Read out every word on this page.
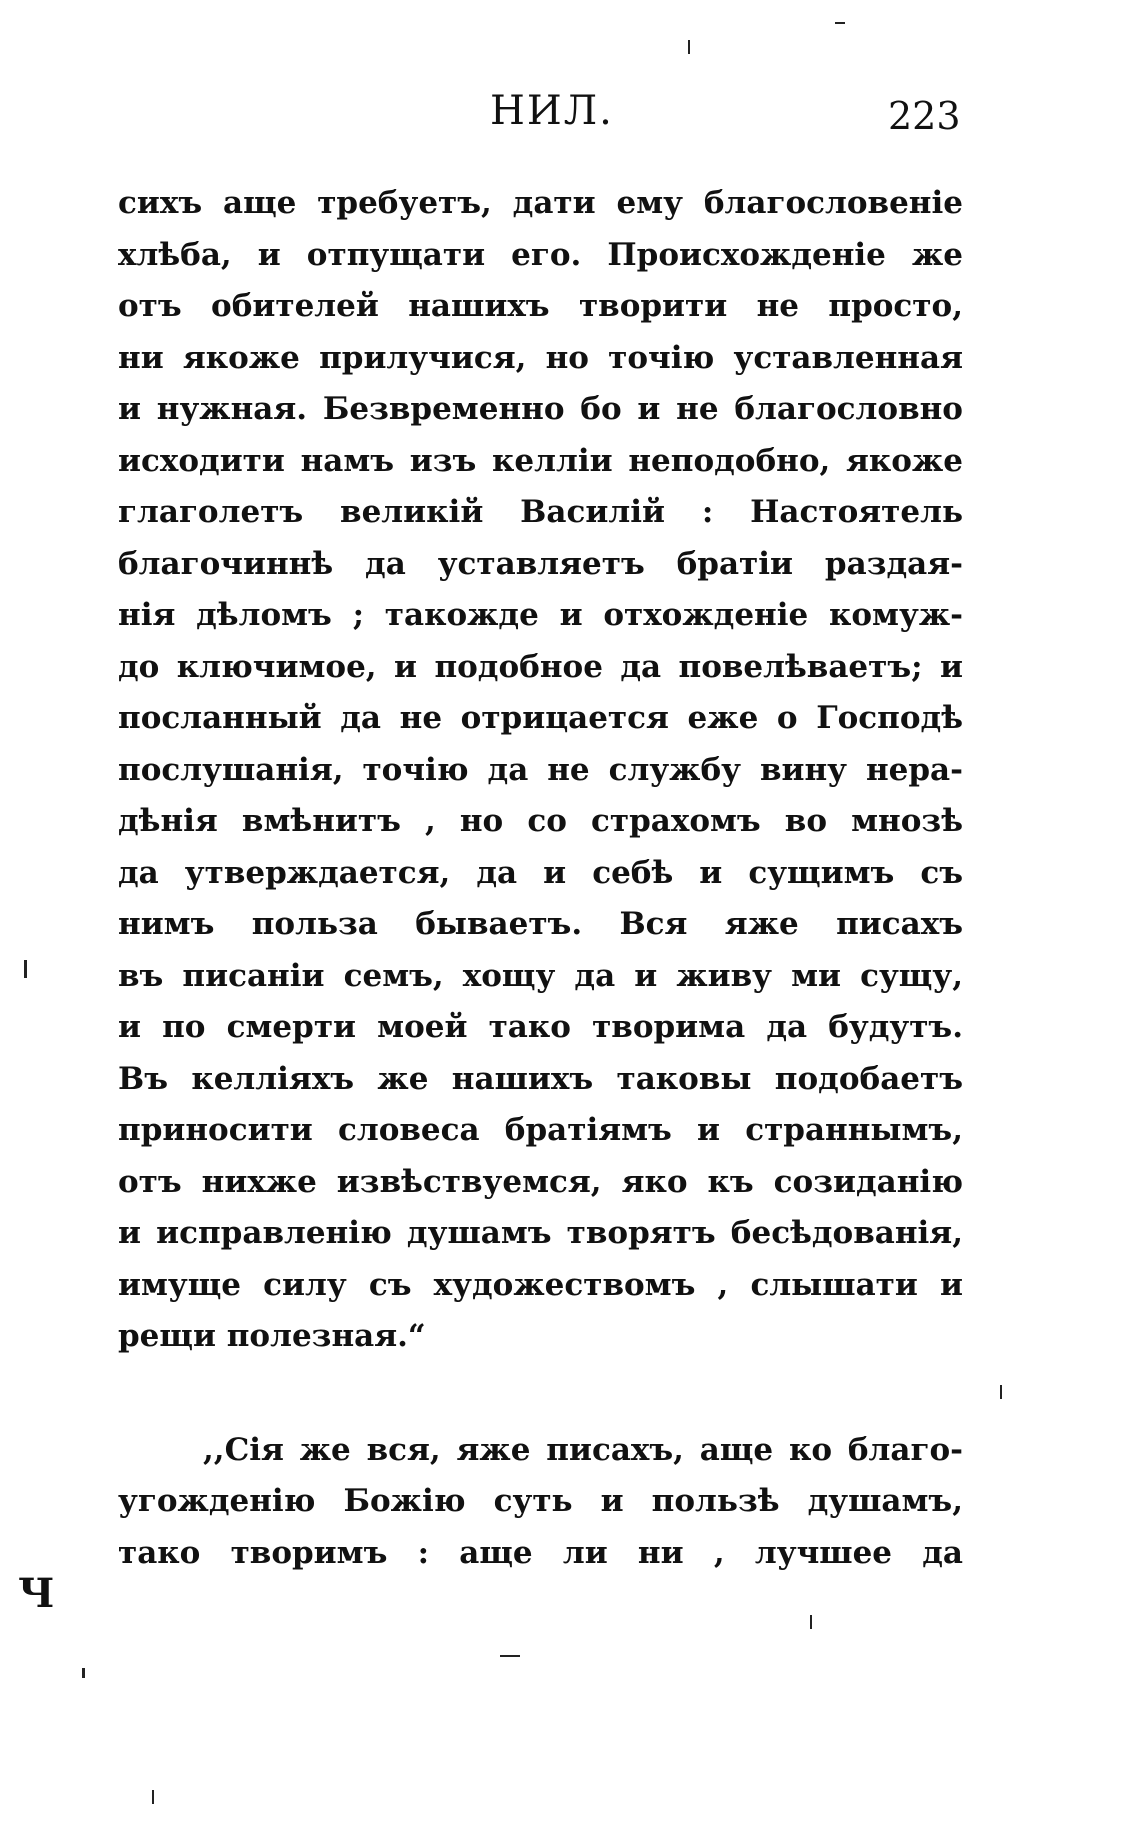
НИЛ.	223
сихъ аще требуетъ, дати ему благословеніе
хлѣба, и отпущати его. Происхожденіе же
отъ обителей нашихъ творити не просто,
ни якоже прилучися, но точію уставленная
и нужная. Безвременно бо и не благословно
исходити намъ изъ келліи неподобно, якоже
глаголетъ великій Василій : Настоятель
благочиннѣ да уставляетъ братіи раздая-
нія дѣломъ ; такожде и отхожденіе комуж-
до ключимое, и подобное да повелѣваетъ; и
посланный да не отрицается еже о Господѣ
послушанія, точію да не службу вину нера-
дѣнія вмѣнитъ , но со страхомъ во мнозѣ
да утверждается, да и себѣ и сущимъ съ
нимъ польза бываетъ. Вся яже писахъ
въ писаніи семъ, хощу да и живу ми сущу,
и по смерти моей тако творима да будутъ.
Въ келліяхъ же нашихъ таковы подобаетъ
приносити словеса братіямъ и страннымъ,
отъ нихже извѣствуемся, яко къ созиданію
и исправленію душамъ творятъ бесѣдованія,
имуще силу съ художествомъ , слышати и
рещи полезная.“
,,Сія же вся, яже писахъ, аще ко благо-
угожденію Божію суть и пользѣ душамъ,
тако творимъ : аще ли ни , лучшее да
Ч
